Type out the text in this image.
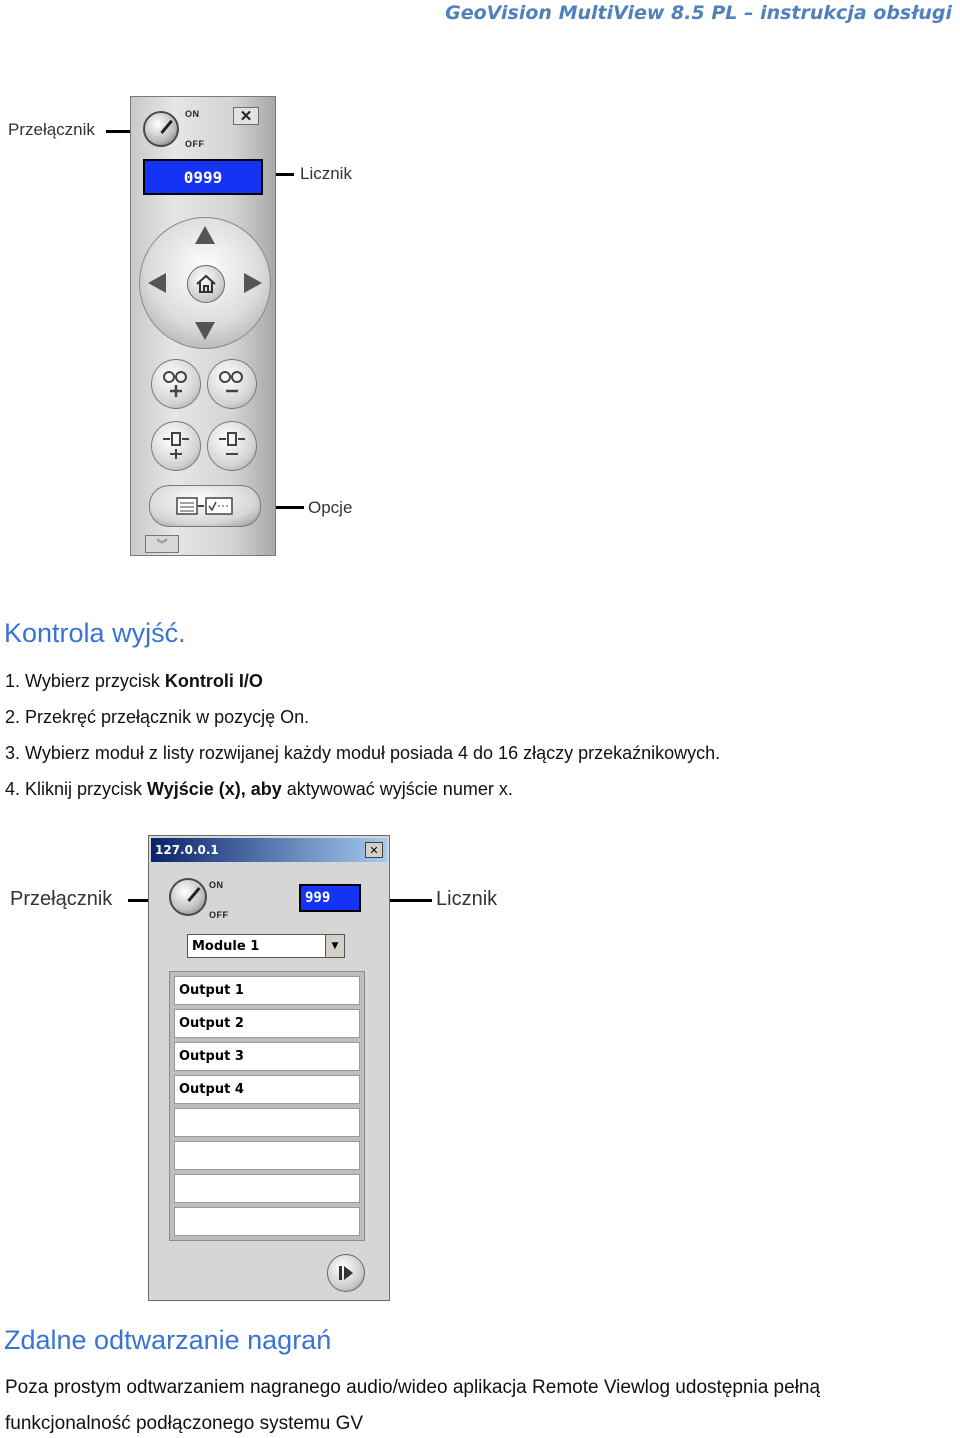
GeoVision MultiView 8.5 PL – instrukcja obsługi
Przełącznik
Licznik
Opcje
ON
OFF
✕
0999
︾
Kontrola wyjść.
1. Wybierz przycisk Kontroli I/O
2. Przekręć przełącznik w pozycję On.
3. Wybierz moduł z listy rozwijanej każdy moduł posiada 4 do 16 złączy przekaźnikowych.
4. Kliknij przycisk Wyjście (x), aby aktywować wyjście numer x.
Przełącznik	Licznik
127.0.0.1	✕
ON
OFF
999
Module 1	▼
Output 1
Output 2
Output 3
Output 4
Zdalne odtwarzanie nagrań
Poza prostym odtwarzaniem nagranego audio/wideo aplikacja Remote Viewlog udostępnia pełną
funkcjonalność podłączonego systemu GV
